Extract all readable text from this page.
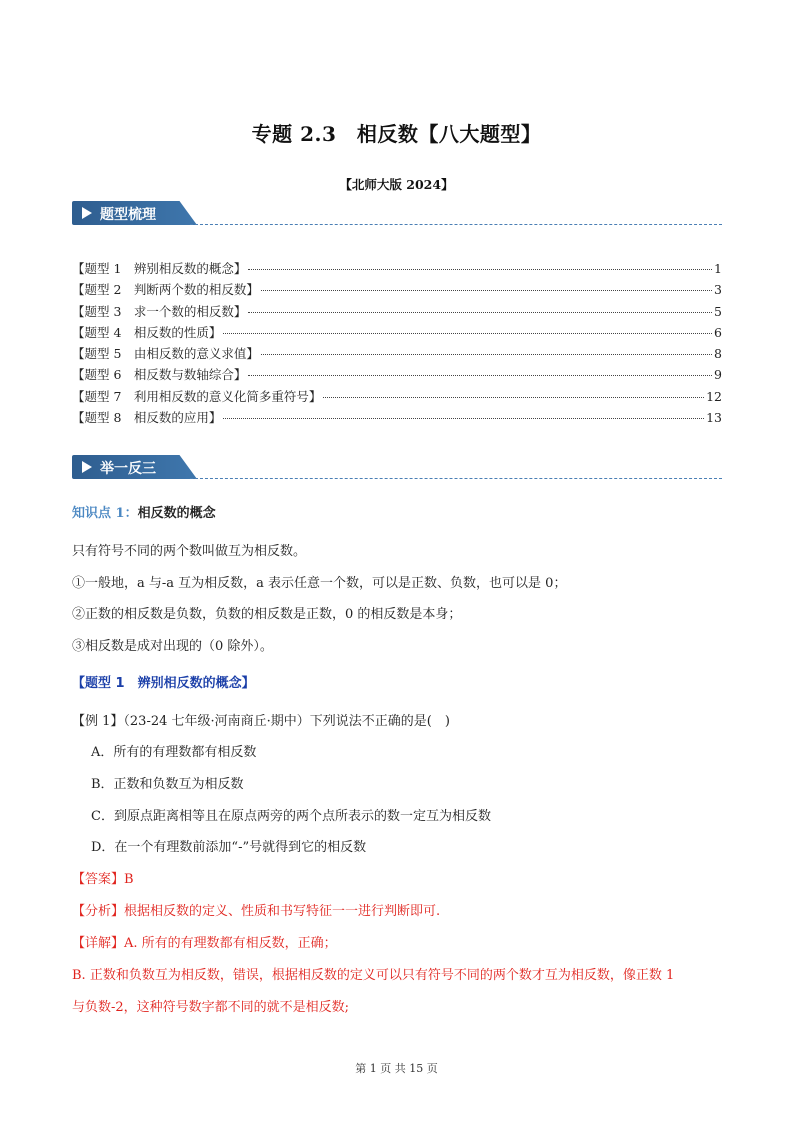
专题 2.3　相反数【八大题型】
【北师大版 2024】
题型梳理
【题型 1　辨别相反数的概念】	1
【题型 2　判断两个数的相反数】	3
【题型 3　求一个数的相反数】	5
【题型 4　相反数的性质】	6
【题型 5　由相反数的意义求值】	8
【题型 6　相反数与数轴综合】	9
【题型 7　利用相反数的意义化简多重符号】	12
【题型 8　相反数的应用】	13
举一反三
知识点 1：相反数的概念
只有符号不同的两个数叫做互为相反数。
①一般地，a 与-a 互为相反数，a 表示任意一个数，可以是正数、负数，也可以是 0；
②正数的相反数是负数，负数的相反数是正数，0 的相反数是本身；
③相反数是成对出现的（0 除外）。
【题型 1　辨别相反数的概念】
【例 1】（23-24 七年级·河南商丘·期中）下列说法不正确的是(　)
A．所有的有理数都有相反数
B．正数和负数互为相反数
C．到原点距离相等且在原点两旁的两个点所表示的数一定互为相反数
D．在一个有理数前添加“-”号就得到它的相反数
【答案】B
【分析】根据相反数的定义、性质和书写特征一一进行判断即可.
【详解】A. 所有的有理数都有相反数，正确；
B. 正数和负数互为相反数，错误，根据相反数的定义可以只有符号不同的两个数才互为相反数，像正数 1
与负数-2，这种符号数字都不同的就不是相反数;
第 1 页 共 15 页
